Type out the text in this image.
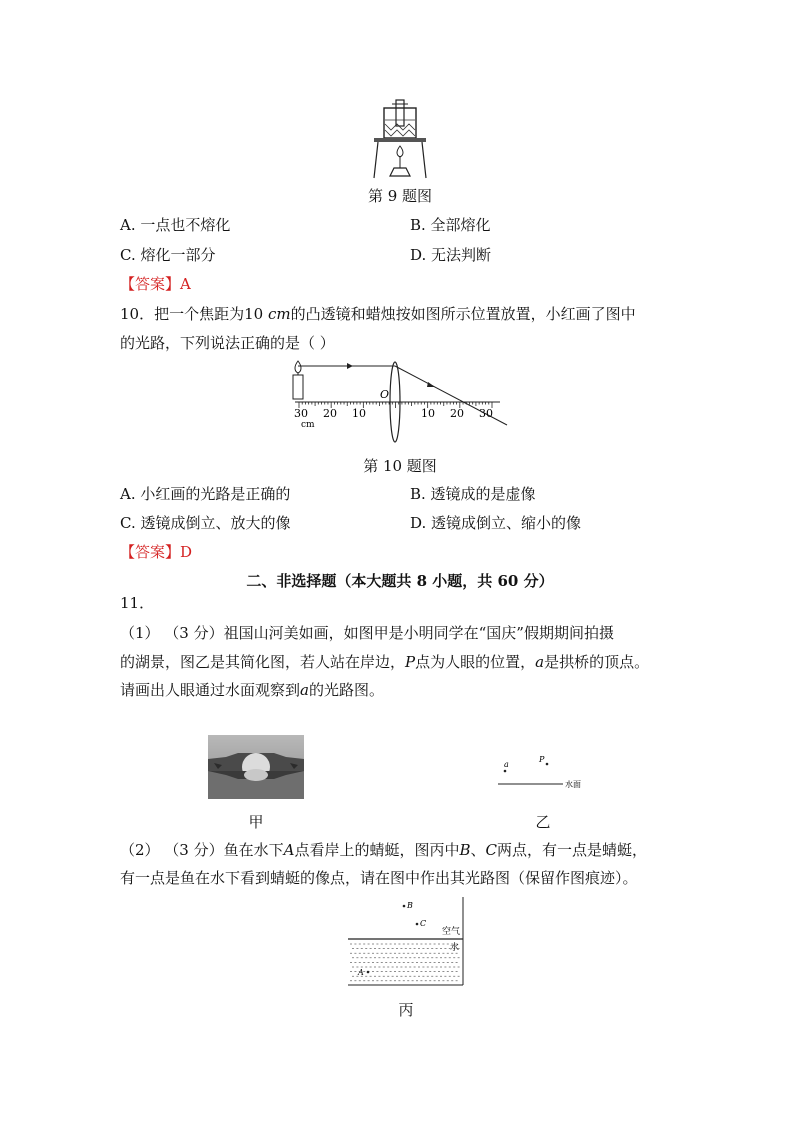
第 9 题图
A. 一点也不熔化	B. 全部熔化
C. 熔化一部分	D. 无法判断
【答案】A
10．把一个焦距为10 cm的凸透镜和蜡烛按如图所示位置放置，小红画了图中
的光路，下列说法正确的是（ ）
O
30 20 10	10 20 30
cm
第 10 题图
A. 小红画的光路是正确的	B. 透镜成的是虚像
C. 透镜成倒立、放大的像	D. 透镜成倒立、缩小的像
【答案】D
二、非选择题（本大题共 8 小题，共 60 分）
11．
（1） （3 分）祖国山河美如画，如图甲是小明同学在“国庆”假期期间拍摄
的湖景，图乙是其简化图，若人站在岸边，P点为人眼的位置，a是拱桥的顶点。
请画出人眼通过水面观察到a的光路图。
甲
a
P
水面
乙
（2） （3 分）鱼在水下A点看岸上的蜻蜓，图丙中B、C两点，有一点是蜻蜓，
有一点是鱼在水下看到蜻蜓的像点，请在图中作出其光路图（保留作图痕迹）。
B
C
空气
水
A
丙
